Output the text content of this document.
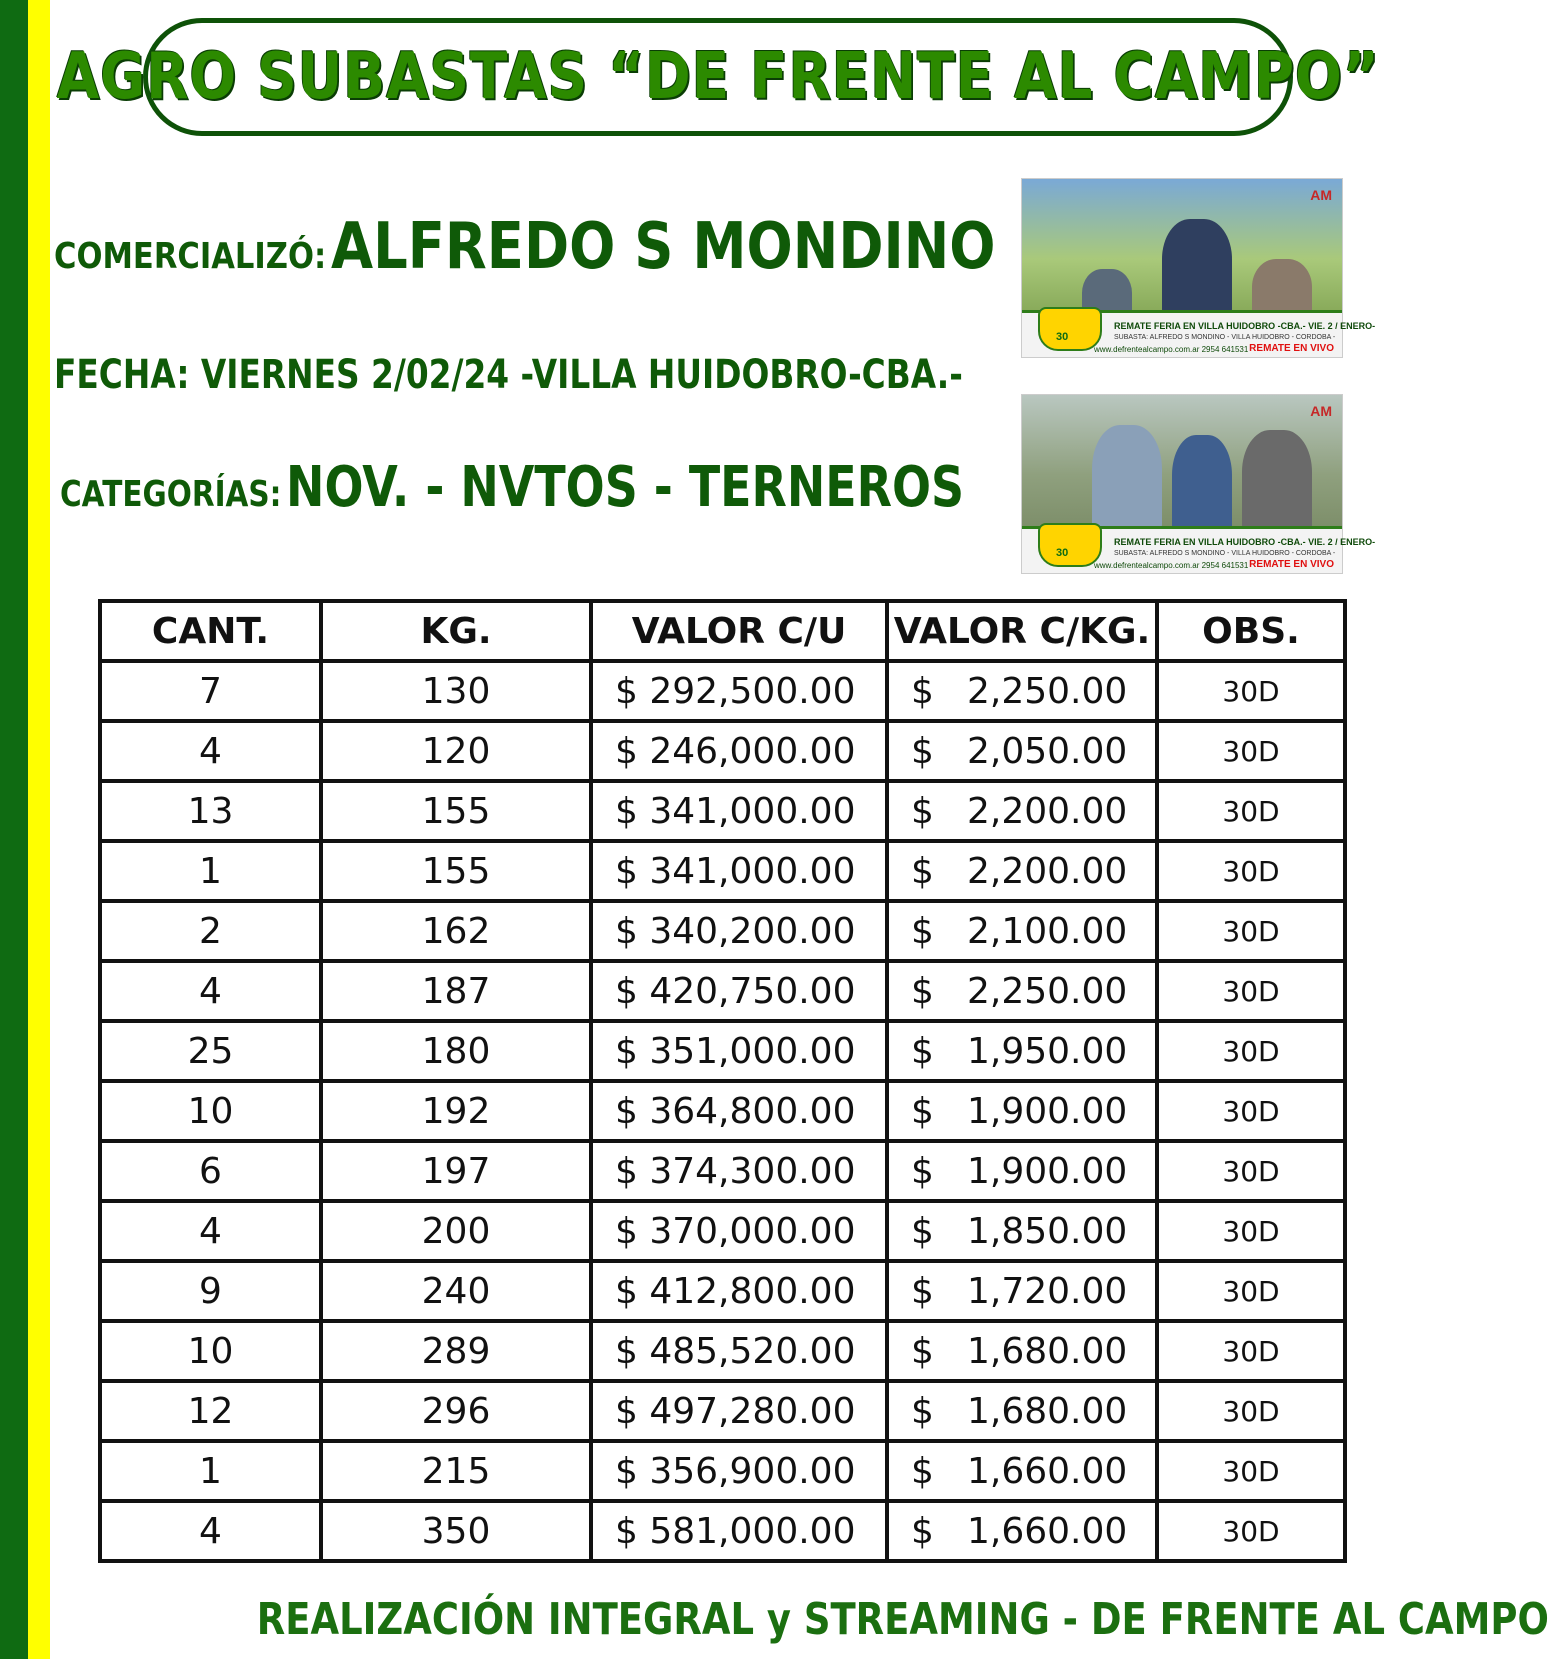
AGRO SUBASTAS “DE FRENTE AL CAMPO”
COMERCIALIZÓ: ALFREDO S MONDINO
FECHA: VIERNES 2/02/24 -VILLA HUIDOBRO-CBA.-
CATEGORÍAS: NOV. - NVTOS - TERNEROS
AM
30
REMATE FERIA EN VILLA HUIDOBRO -CBA.- VIE. 2 / ENERO-
SUBASTA: ALFREDO S MONDINO - VILLA HUIDOBRO - CORDOBA -
www.defrentealcampo.com.ar 2954 641531 REMATE EN VIVO
AM
30
REMATE FERIA EN VILLA HUIDOBRO -CBA.- VIE. 2 / ENERO-
SUBASTA: ALFREDO S MONDINO - VILLA HUIDOBRO - CORDOBA -
www.defrentealcampo.com.ar 2954 641531 REMATE EN VIVO
CANT.	KG.	VALOR C/U	VALOR C/KG.	OBS.
7	130	$ 292,500.00	$ 2,250.00	30D
4	120	$ 246,000.00	$ 2,050.00	30D
13	155	$ 341,000.00	$ 2,200.00	30D
1	155	$ 341,000.00	$ 2,200.00	30D
2	162	$ 340,200.00	$ 2,100.00	30D
4	187	$ 420,750.00	$ 2,250.00	30D
25	180	$ 351,000.00	$ 1,950.00	30D
10	192	$ 364,800.00	$ 1,900.00	30D
6	197	$ 374,300.00	$ 1,900.00	30D
4	200	$ 370,000.00	$ 1,850.00	30D
9	240	$ 412,800.00	$ 1,720.00	30D
10	289	$ 485,520.00	$ 1,680.00	30D
12	296	$ 497,280.00	$ 1,680.00	30D
1	215	$ 356,900.00	$ 1,660.00	30D
4	350	$ 581,000.00	$ 1,660.00	30D
REALIZACIÓN INTEGRAL y STREAMING - DE FRENTE AL CAMPO
